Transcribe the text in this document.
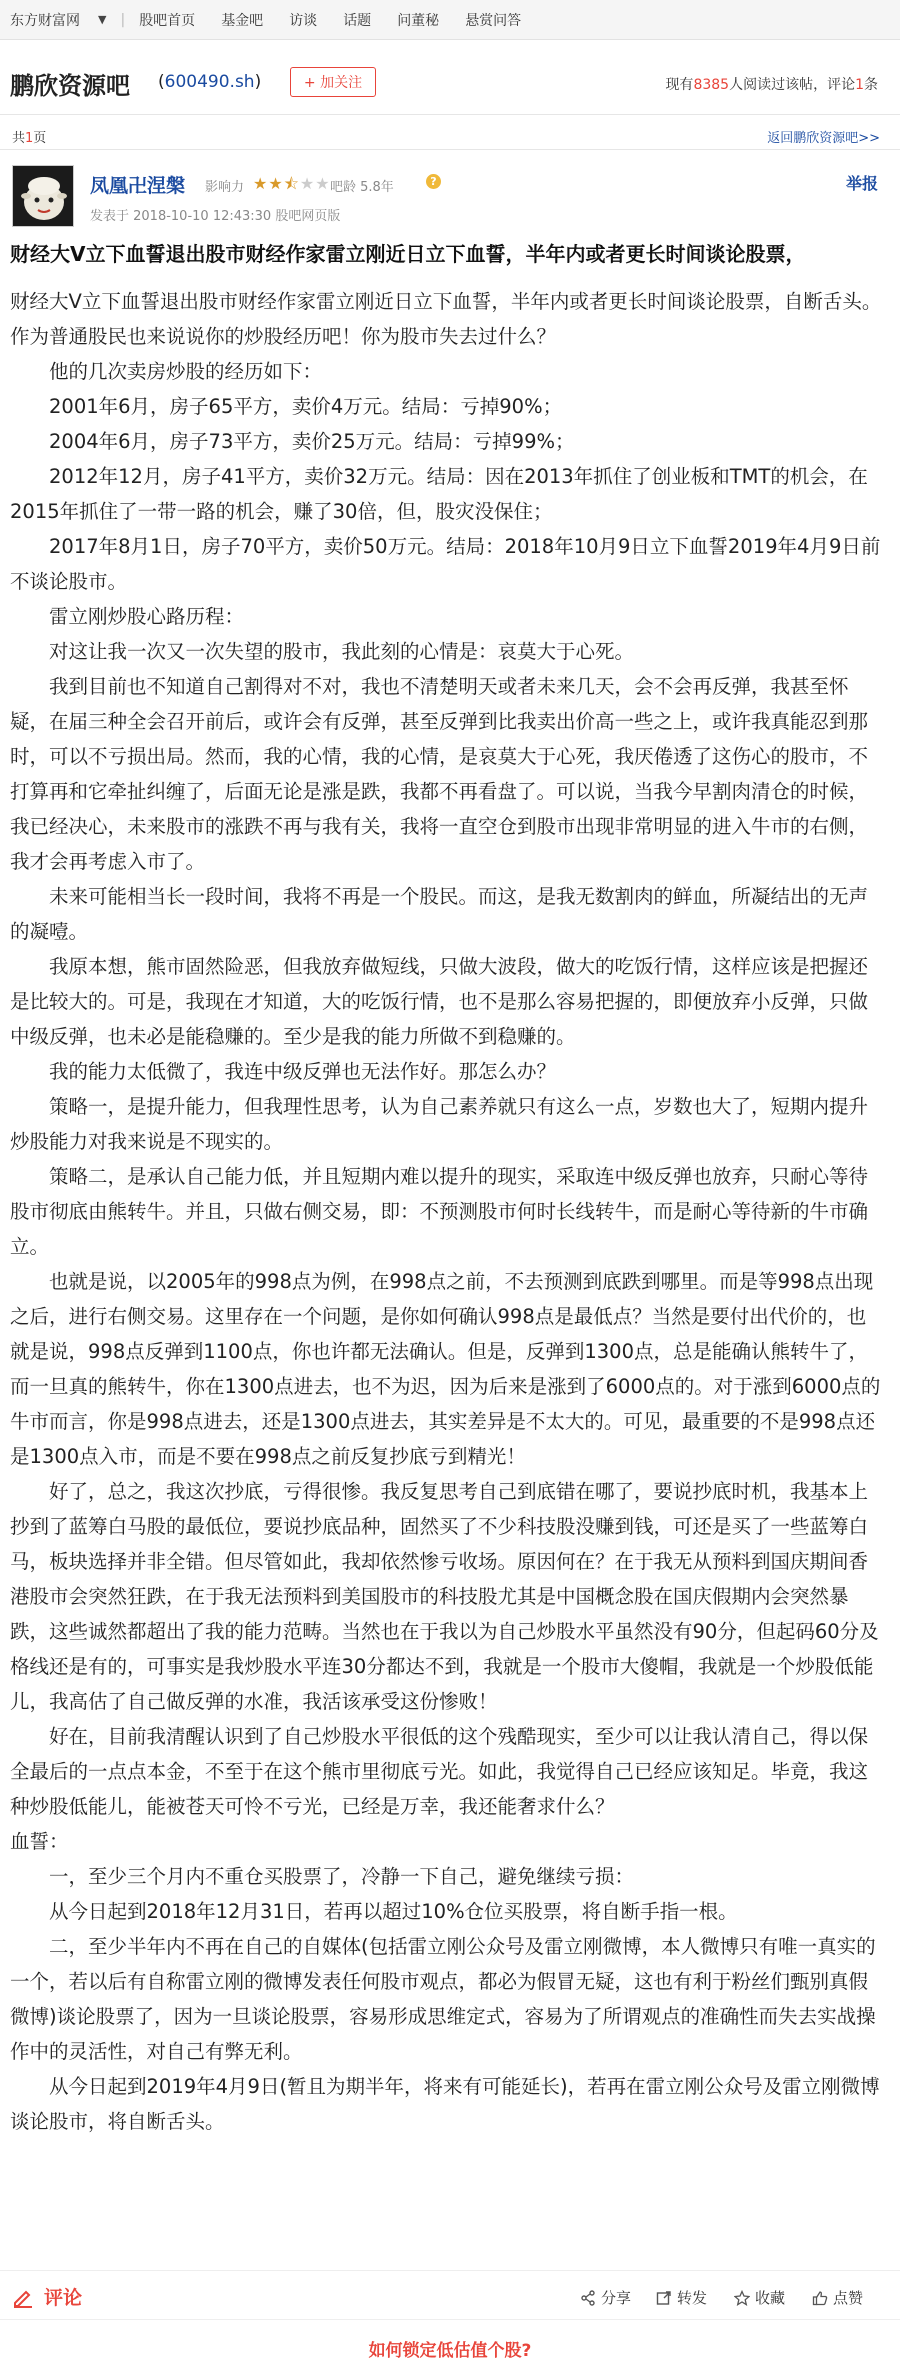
东方财富网 ▼ | 股吧首页 基金吧 访谈 话题 问董秘 悬赏问答
鹏欣资源吧 (600490.sh)	+ 加关注	现有8385人阅读过该帖，评论1条
共1页	返回鹏欣资源吧>>
凤凰卍涅槃 影响力 ★★⯪★★ 吧龄 5.8年	?
发表于 2018-10-10 12:43:30 股吧网页版
举报
财经大V立下血誓退出股市财经作家雷立刚近日立下血誓，半年内或者更长时间谈论股票，

财经大V立下血誓退出股市财经作家雷立刚近日立下血誓，半年内或者更长时间谈论股票，自断舌头。作为普通股民也来说说你的炒股经历吧！你为股市失去过什么？

他的几次卖房炒股的经历如下：

2001年6月，房子65平方，卖价4万元。结局：亏掉90%；

2004年6月，房子73平方，卖价25万元。结局：亏掉99%；

2012年12月，房子41平方，卖价32万元。结局：因在2013年抓住了创业板和TMT的机会，在2015年抓住了一带一路的机会，赚了30倍，但，股灾没保住；

2017年8月1日，房子70平方，卖价50万元。结局：2018年10月9日立下血誓2019年4月9日前不谈论股市。

雷立刚炒股心路历程：

对这让我一次又一次失望的股市，我此刻的心情是：哀莫大于心死。

我到目前也不知道自己割得对不对，我也不清楚明天或者未来几天，会不会再反弹，我甚至怀疑，在届三种全会召开前后，或许会有反弹，甚至反弹到比我卖出价高一些之上，或许我真能忍到那时，可以不亏损出局。然而，我的心情，我的心情，是哀莫大于心死，我厌倦透了这伤心的股市，不打算再和它牵扯纠缠了，后面无论是涨是跌，我都不再看盘了。可以说，当我今早割肉清仓的时候，我已经决心，未来股市的涨跌不再与我有关，我将一直空仓到股市出现非常明显的进入牛市的右侧，我才会再考虑入市了。

未来可能相当长一段时间，我将不再是一个股民。而这，是我无数割肉的鲜血，所凝结出的无声的凝噎。

我原本想，熊市固然险恶，但我放弃做短线，只做大波段，做大的吃饭行情，这样应该是把握还是比较大的。可是，我现在才知道，大的吃饭行情，也不是那么容易把握的，即便放弃小反弹，只做中级反弹，也未必是能稳赚的。至少是我的能力所做不到稳赚的。

我的能力太低微了，我连中级反弹也无法作好。那怎么办？

策略一，是提升能力，但我理性思考，认为自己素养就只有这么一点，岁数也大了，短期内提升炒股能力对我来说是不现实的。

策略二，是承认自己能力低，并且短期内难以提升的现实，采取连中级反弹也放弃，只耐心等待股市彻底由熊转牛。并且，只做右侧交易，即：不预测股市何时长线转牛，而是耐心等待新的牛市确立。

也就是说，以2005年的998点为例，在998点之前，不去预测到底跌到哪里。而是等998点出现之后，进行右侧交易。这里存在一个问题，是你如何确认998点是最低点？当然是要付出代价的，也就是说，998点反弹到1100点，你也许都无法确认。但是，反弹到1300点，总是能确认熊转牛了，而一旦真的熊转牛，你在1300点进去，也不为迟，因为后来是涨到了6000点的。对于涨到6000点的牛市而言，你是998点进去，还是1300点进去，其实差异是不太大的。可见，最重要的不是998点还是1300点入市，而是不要在998点之前反复抄底亏到精光！

好了，总之，我这次抄底，亏得很惨。我反复思考自己到底错在哪了，要说抄底时机，我基本上抄到了蓝筹白马股的最低位，要说抄底品种，固然买了不少科技股没赚到钱，可还是买了一些蓝筹白马，板块选择并非全错。但尽管如此，我却依然惨亏收场。原因何在？在于我无从预料到国庆期间香港股市会突然狂跌，在于我无法预料到美国股市的科技股尤其是中国概念股在国庆假期内会突然暴跌，这些诚然都超出了我的能力范畴。当然也在于我以为自己炒股水平虽然没有90分，但起码60分及格线还是有的，可事实是我炒股水平连30分都达不到，我就是一个股市大傻帽，我就是一个炒股低能儿，我高估了自己做反弹的水准，我活该承受这份惨败！

好在，目前我清醒认识到了自己炒股水平很低的这个残酷现实，至少可以让我认清自己，得以保全最后的一点点本金，不至于在这个熊市里彻底亏光。如此，我觉得自己已经应该知足。毕竟，我这种炒股低能儿，能被苍天可怜不亏光，已经是万幸，我还能奢求什么？

血誓：

一，至少三个月内不重仓买股票了，冷静一下自己，避免继续亏损：

从今日起到2018年12月31日，若再以超过10%仓位买股票，将自断手指一根。

二，至少半年内不再在自己的自媒体(包括雷立刚公众号及雷立刚微博，本人微博只有唯一真实的一个，若以后有自称雷立刚的微博发表任何股市观点，都必为假冒无疑，这也有利于粉丝们甄别真假微博)谈论股票了，因为一旦谈论股票，容易形成思维定式，容易为了所谓观点的准确性而失去实战操作中的灵活性，对自己有弊无利。

从今日起到2019年4月9日(暂且为期半年，将来有可能延长)，若再在雷立刚公众号及雷立刚微博谈论股市，将自断舌头。

评论	分享	转发	收藏	点赞
如何锁定低估值个股?
